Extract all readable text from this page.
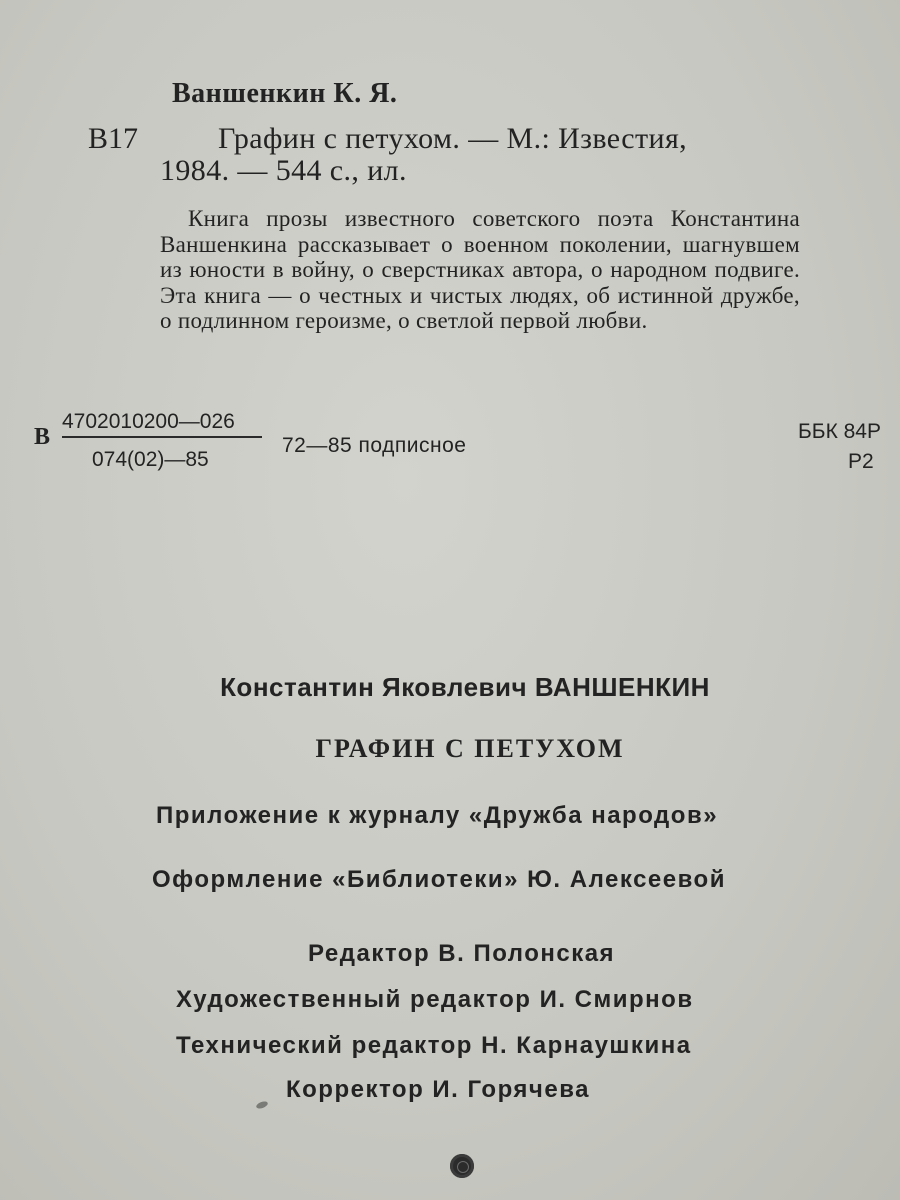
Ваншенкин К. Я.
В17	Графин с петухом. — М.: Известия,
1984. — 544 с., ил.
Книга прозы известного советского поэта Константина Ваншенкина рассказывает о военном поколении, шагнувшем из юности в войну, о сверстниках автора, о народном подвиге. Эта книга — о честных и чистых людях, об истинной дружбе, о подлинном героизме, о светлой первой любви.
В
4702010200—026
074(02)—85
72—85 подписное
ББК 84Р
Р2
Константин Яковлевич ВАНШЕНКИН
ГРАФИН С ПЕТУХОМ
Приложение к журналу «Дружба народов»
Оформление «Библиотеки» Ю. Алексеевой
Редактор В. Полонская
Художественный редактор И. Смирнов
Технический редактор Н. Карнаушкина
Корректор И. Горячева
